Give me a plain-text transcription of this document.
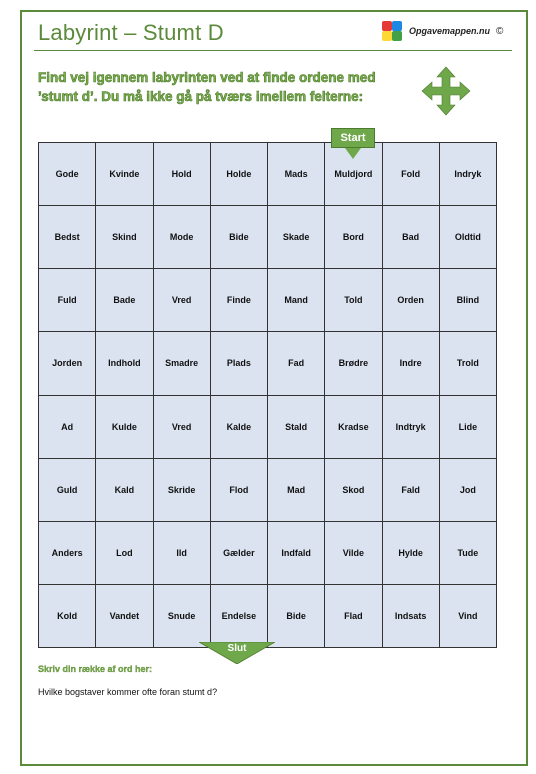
Labyrint – Stumt D	Opgavemappen.nu ©
Find vej igennem labyrinten ved at finde ordene med ’stumt d’. Du må ikke gå på tværs imellem felterne:
Gode	Kvinde	Hold	Holde	Mads	Muldjord	Fold	Indryk
Bedst	Skind	Mode	Bide	Skade	Bord	Bad	Oldtid
Fuld	Bade	Vred	Finde	Mand	Told	Orden	Blind
Jorden	Indhold	Smadre	Plads	Fad	Brødre	Indre	Trold
Ad	Kulde	Vred	Kalde	Stald	Kradse	Indtryk	Lide
Guld	Kald	Skride	Flod	Mad	Skod	Fald	Jod
Anders	Lod	Ild	Gælder	Indfald	Vilde	Hylde	Tude
Kold	Vandet	Snude	Endelse	Bide	Flad	Indsats	Vind
Start
Slut
Skriv din række af ord her:
Hvilke bogstaver kommer ofte foran stumt d?
